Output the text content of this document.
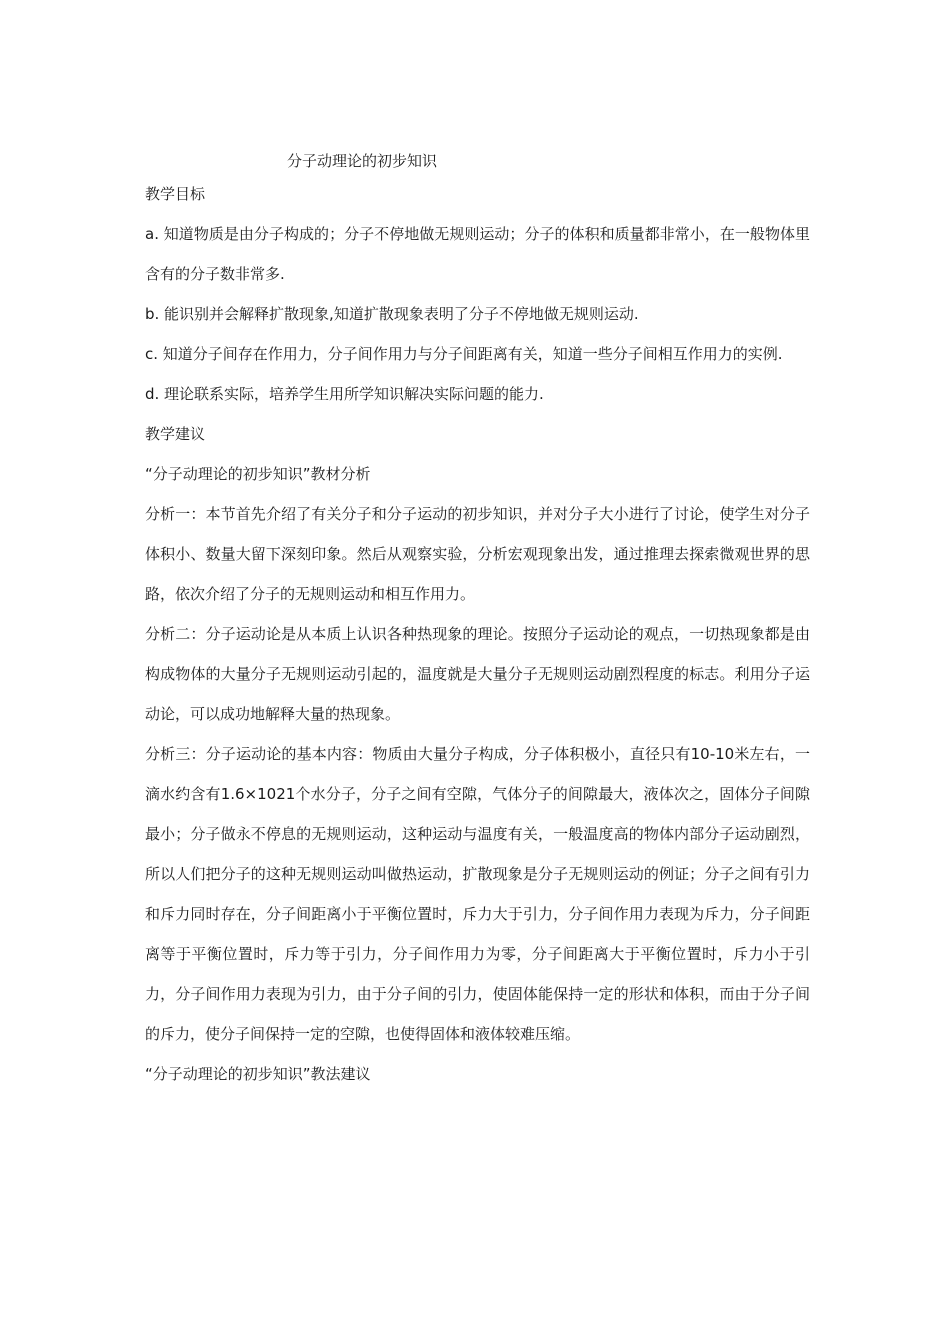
分子动理论的初步知识
教学目标
a. 知道物质是由分子构成的；分子不停地做无规则运动；分子的体积和质量都非常小，在一般物体里含有的分子数非常多.
b. 能识别并会解释扩散现象,知道扩散现象表明了分子不停地做无规则运动.
c. 知道分子间存在作用力，分子间作用力与分子间距离有关，知道一些分子间相互作用力的实例.
d. 理论联系实际，培养学生用所学知识解决实际问题的能力.
教学建议
“分子动理论的初步知识”教材分析
分析一：本节首先介绍了有关分子和分子运动的初步知识，并对分子大小进行了讨论，使学生对分子体积小、数量大留下深刻印象。然后从观察实验，分析宏观现象出发，通过推理去探索微观世界的思路，依次介绍了分子的无规则运动和相互作用力。
分析二：分子运动论是从本质上认识各种热现象的理论。按照分子运动论的观点，一切热现象都是由构成物体的大量分子无规则运动引起的，温度就是大量分子无规则运动剧烈程度的标志。利用分子运动论，可以成功地解释大量的热现象。
分析三：分子运动论的基本内容：物质由大量分子构成，分子体积极小，直径只有10-10米左右，一滴水约含有1.6×1021个水分子，分子之间有空隙，气体分子的间隙最大，液体次之，固体分子间隙最小；分子做永不停息的无规则运动，这种运动与温度有关，一般温度高的物体内部分子运动剧烈，所以人们把分子的这种无规则运动叫做热运动，扩散现象是分子无规则运动的例证；分子之间有引力和斥力同时存在，分子间距离小于平衡位置时，斥力大于引力，分子间作用力表现为斥力，分子间距离等于平衡位置时，斥力等于引力，分子间作用力为零，分子间距离大于平衡位置时，斥力小于引力，分子间作用力表现为引力，由于分子间的引力，使固体能保持一定的形状和体积，而由于分子间的斥力，使分子间保持一定的空隙，也使得固体和液体较难压缩。
“分子动理论的初步知识”教法建议
